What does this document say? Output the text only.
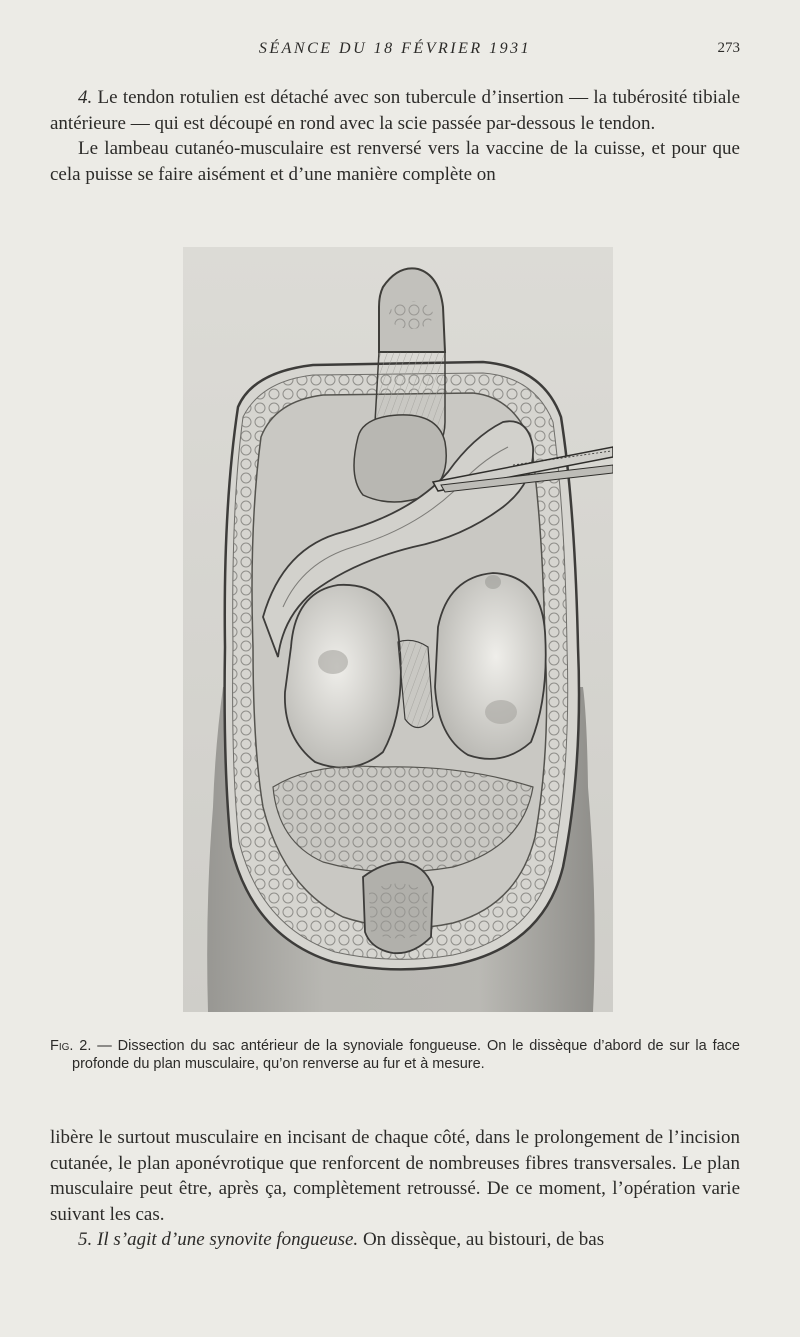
SÉANCE DU 18 FÉVRIER 1931	273

4. Le tendon rotulien est détaché avec son tubercule d’insertion — la tubérosité tibiale antérieure — qui est découpé en rond avec la scie passée par-dessous le tendon.

Le lambeau cutanéo-musculaire est renversé vers la vaccine de la cuisse, et pour que cela puisse se faire aisément et d’une manière complète on

Fig. 2. — Dissection du sac antérieur de la synoviale fongueuse. On le dissèque d’abord de sur la face profonde du plan musculaire, qu’on renverse au fur et à mesure.

libère le surtout musculaire en incisant de chaque côté, dans le prolongement de l’incision cutanée, le plan aponévrotique que renforcent de nombreuses fibres transversales. Le plan musculaire peut être, après ça, complètement retroussé. De ce moment, l’opération varie suivant les cas.

5. Il s’agit d’une synovite fongueuse. On dissèque, au bistouri, de bas
